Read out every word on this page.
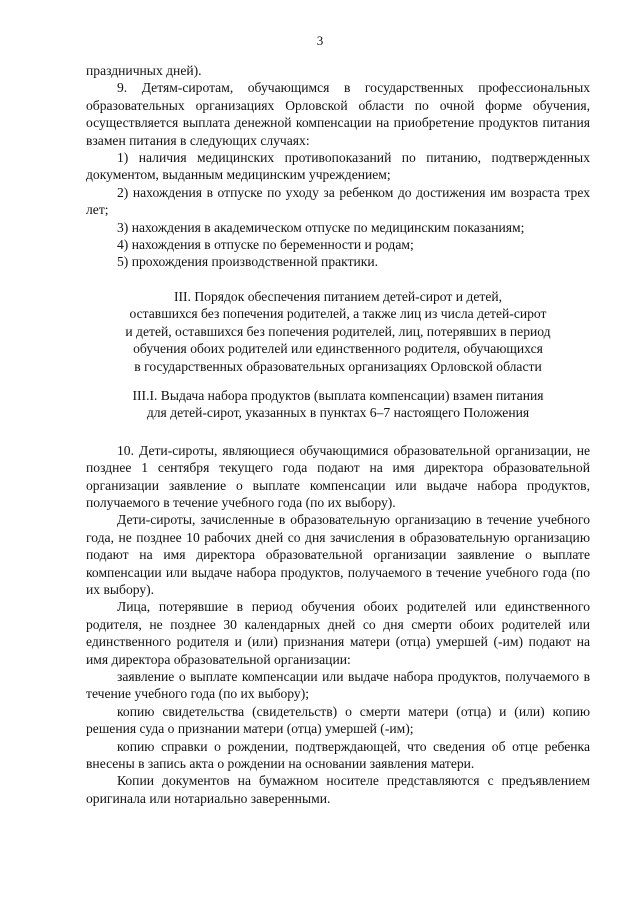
3

праздничных дней).

9. Детям-сиротам, обучающимся в государственных профессиональных образовательных организациях Орловской области по очной форме обучения, осуществляется выплата денежной компенсации на приобретение продуктов питания взамен питания в следующих случаях:

1) наличия медицинских противопоказаний по питанию, подтвержденных документом, выданным медицинским учреждением;

2) нахождения в отпуске по уходу за ребенком до достижения им возраста трех лет;

3) нахождения в академическом отпуске по медицинским показаниям;

4) нахождения в отпуске по беременности и родам;

5) прохождения производственной практики.

III. Порядок обеспечения питанием детей-сирот и детей,

оставшихся без попечения родителей, а также лиц из числа детей-сирот

и детей, оставшихся без попечения родителей, лиц, потерявших в период

обучения обоих родителей или единственного родителя, обучающихся

в государственных образовательных организациях Орловской области

III.I. Выдача набора продуктов (выплата компенсации) взамен питания

для детей-сирот, указанных в пунктах 6–7 настоящего Положения

10. Дети-сироты, являющиеся обучающимися образовательной организации, не позднее 1 сентября текущего года подают на имя директора образовательной организации заявление о выплате компенсации или выдаче набора продуктов, получаемого в течение учебного года (по их выбору).

Дети-сироты, зачисленные в образовательную организацию в течение учебного года, не позднее 10 рабочих дней со дня зачисления в образовательную организацию подают на имя директора образовательной организации заявление о выплате компенсации или выдаче набора продуктов, получаемого в течение учебного года (по их выбору).

Лица, потерявшие в период обучения обоих родителей или единственного родителя, не позднее 30 календарных дней со дня смерти обоих родителей или единственного родителя и (или) признания матери (отца) умершей (-им) подают на имя директора образовательной организации:

заявление о выплате компенсации или выдаче набора продуктов, получаемого в течение учебного года (по их выбору);

копию свидетельства (свидетельств) о смерти матери (отца) и (или) копию решения суда о признании матери (отца) умершей (-им);

копию справки о рождении, подтверждающей, что сведения об отце ребенка внесены в запись акта о рождении на основании заявления матери.

Копии документов на бумажном носителе представляются с предъявлением оригинала или нотариально заверенными.
